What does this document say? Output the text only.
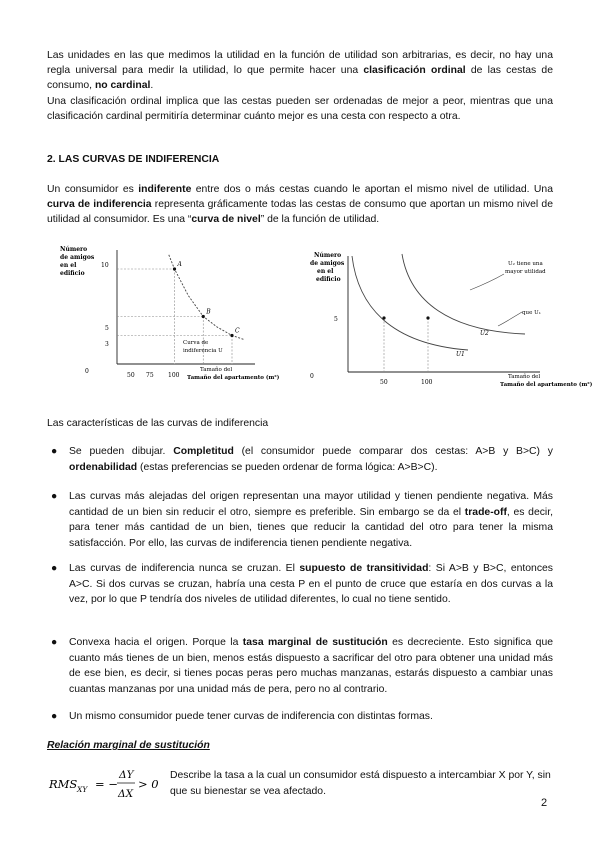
Las unidades en las que medimos la utilidad en la función de utilidad son arbitrarias, es decir, no hay una regla universal para medir la utilidad, lo que permite hacer una clasificación ordinal de las cestas de consumo, no cardinal.
Una clasificación ordinal implica que las cestas pueden ser ordenadas de mejor a peor, mientras que una clasificación cardinal permitiría determinar cuánto mejor es una cesta con respecto a otra.
2. LAS CURVAS DE INDIFERENCIA
Un consumidor es indiferente entre dos o más cestas cuando le aportan el mismo nivel de utilidad. Una curva de indiferencia representa gráficamente todas las cestas de consumo que aportan un mismo nivel de utilidad al consumidor. Es una “curva de nivel” de la función de utilidad.
Número
de amigos
en el
edificio
0
10
5
3
50 75 100
Tamaño del
Tamaño del apartamento (m²)
A
B
C
Curva de
indiferencia U
Número
de amigos
en el
edificio
0
5
50	100
Tamaño del
Tamaño del apartamento (m²)
U1
U2
U₂ tiene una
mayor utilidad
que U₁
Las características de las curvas de indiferencia
● Se pueden dibujar. Completitud (el consumidor puede comparar dos cestas: A>B y B>C) y ordenabilidad (estas preferencias se pueden ordenar de forma lógica: A>B>C).
● Las curvas más alejadas del origen representan una mayor utilidad y tienen pendiente negativa. Más cantidad de un bien sin reducir el otro, siempre es preferible. Sin embargo se da el trade-off, es decir, para tener más cantidad de un bien, tienes que reducir la cantidad del otro para tener la misma satisfacción. Por ello, las curvas de indiferencia tienen pendiente negativa.
● Las curvas de indiferencia nunca se cruzan. El supuesto de transitividad: Si A>B y B>C, entonces A>C. Si dos curvas se cruzan, habría una cesta P en el punto de cruce que estaría en dos curvas a la vez, por lo que P tendría dos niveles de utilidad diferentes, lo cual no tiene sentido.
● Convexa hacia el origen. Porque la tasa marginal de sustitución es decreciente. Esto significa que cuanto más tienes de un bien, menos estás dispuesto a sacrificar del otro para obtener una unidad más de ese bien, es decir, si tienes pocas peras pero muchas manzanas, estarás dispuesto a cambiar unas cuantas manzanas por una unidad más de pera, pero no al contrario.
● Un mismo consumidor puede tener curvas de indiferencia con distintas formas.
Relación marginal de sustitución
RMS XY = −
ΔY
ΔX
> 0
Describe la tasa a la cual un consumidor está dispuesto a intercambiar X por Y, sin que su bienestar se vea afectado.
2
